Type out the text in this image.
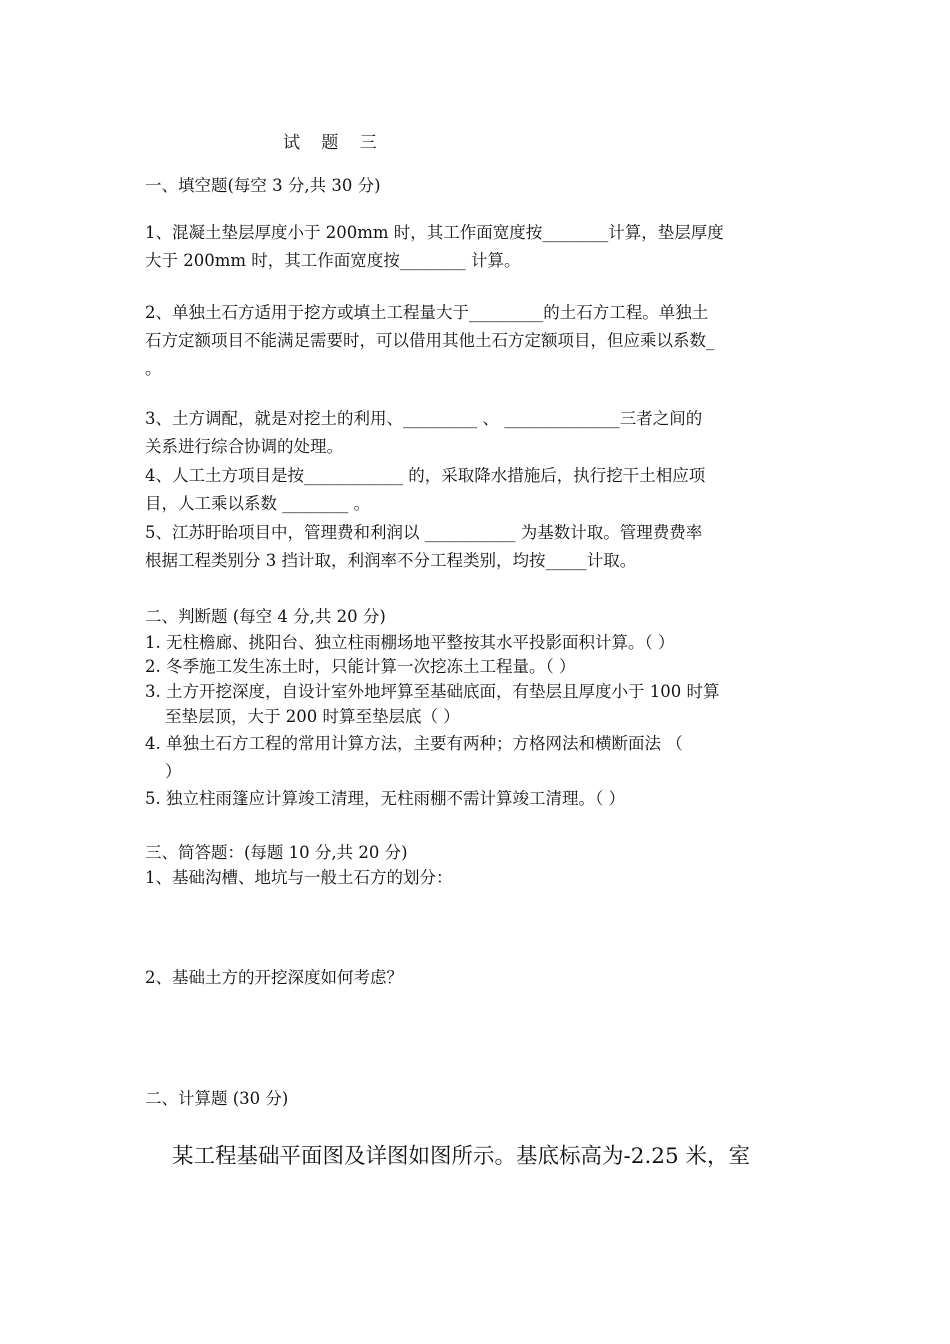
试 题 三
一、填空题(每空 3 分,共 30 分)
1、混凝土垫层厚度小于 200mm 时，其工作面宽度按________计算，垫层厚度
大于 200mm 时，其工作面宽度按________ 计算。
2、单独土石方适用于挖方或填土工程量大于_________的土石方工程。单独土
石方定额项目不能满足需要时，可以借用其他土石方定额项目，但应乘以系数_
。
3、土方调配，就是对挖土的利用、_________ 、 ______________三者之间的
关系进行综合协调的处理。
4、人工土方项目是按____________ 的，采取降水措施后，执行挖干土相应项
目，人工乘以系数 ________ 。
5、江苏盱眙项目中，管理费和利润以 ___________ 为基数计取。管理费费率
根据工程类别分 3 挡计取，利润率不分工程类别，均按_____计取。
二、判断题 (每空 4 分,共 20 分)
1. 无柱檐廊、挑阳台、独立柱雨棚场地平整按其水平投影面积计算。（ ）
2. 冬季施工发生冻土时，只能计算一次挖冻土工程量。（ ）
3. 土方开挖深度，自设计室外地坪算至基础底面，有垫层且厚度小于 100 时算
至垫层顶，大于 200 时算至垫层底（ ）
4. 单独土石方工程的常用计算方法，主要有两种；方格网法和横断面法 （
）
5. 独立柱雨篷应计算竣工清理，无柱雨棚不需计算竣工清理。（ ）
三、简答题：(每题 10 分,共 20 分)
1、基础沟槽、地坑与一般土石方的划分：
2、基础土方的开挖深度如何考虑？
二、计算题 (30 分)
某工程基础平面图及详图如图所示。基底标高为-2.25 米，室
